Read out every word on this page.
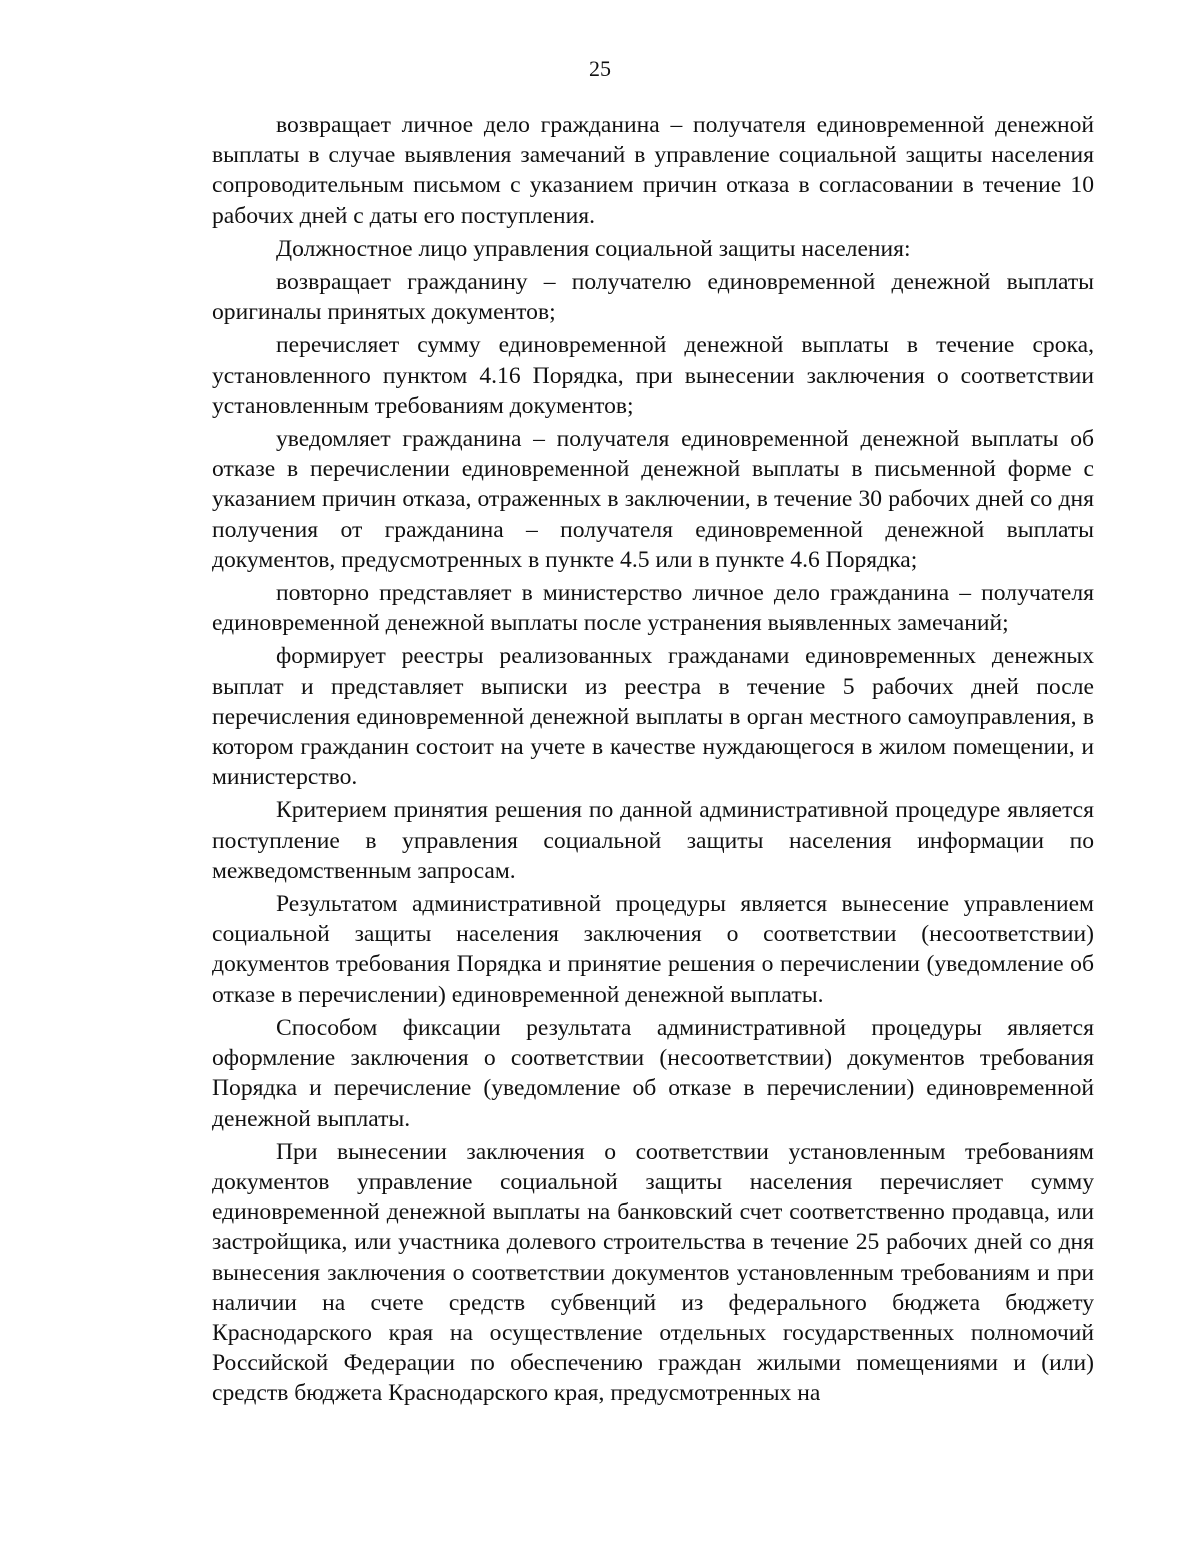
25

возвращает личное дело гражданина – получателя единовременной денежной выплаты в случае выявления замечаний в управление социальной защиты населения сопроводительным письмом с указанием причин отказа в согласовании в течение 10 рабочих дней с даты его поступления.

Должностное лицо управления социальной защиты населения:

возвращает гражданину – получателю единовременной денежной выплаты оригиналы принятых документов;

перечисляет сумму единовременной денежной выплаты в течение срока, установленного пунктом 4.16 Порядка, при вынесении заключения о соответствии установленным требованиям документов;

уведомляет гражданина – получателя единовременной денежной выплаты об отказе в перечислении единовременной денежной выплаты в письменной форме с указанием причин отказа, отраженных в заключении, в течение 30 рабочих дней со дня получения от гражданина – получателя единовременной денежной выплаты документов, предусмотренных в пункте 4.5 или в пункте 4.6 Порядка;

повторно представляет в министерство личное дело гражданина – получателя единовременной денежной выплаты после устранения выявленных замечаний;

формирует реестры реализованных гражданами единовременных денежных выплат и представляет выписки из реестра в течение 5 рабочих дней после перечисления единовременной денежной выплаты в орган местного самоуправления, в котором гражданин состоит на учете в качестве нуждающегося в жилом помещении, и министерство.

Критерием принятия решения по данной административной процедуре является поступление в управления социальной защиты населения информации по межведомственным запросам.

Результатом административной процедуры является вынесение управлением социальной защиты населения заключения о соответствии (несоответствии) документов требования Порядка и принятие решения о перечислении (уведомление об отказе в перечислении) единовременной денежной выплаты.

Способом фиксации результата административной процедуры является оформление заключения о соответствии (несоответствии) документов требования Порядка и перечисление (уведомление об отказе в перечислении) единовременной денежной выплаты.

При вынесении заключения о соответствии установленным требованиям документов управление социальной защиты населения перечисляет сумму единовременной денежной выплаты на банковский счет соответственно продавца, или застройщика, или участника долевого строительства в течение 25 рабочих дней со дня вынесения заключения о соответствии документов установленным требованиям и при наличии на счете средств субвенций из федерального бюджета бюджету Краснодарского края на осуществление отдельных государственных полномочий Российской Федерации по обеспечению граждан жилыми помещениями и (или) средств бюджета Краснодарского края, предусмотренных на
